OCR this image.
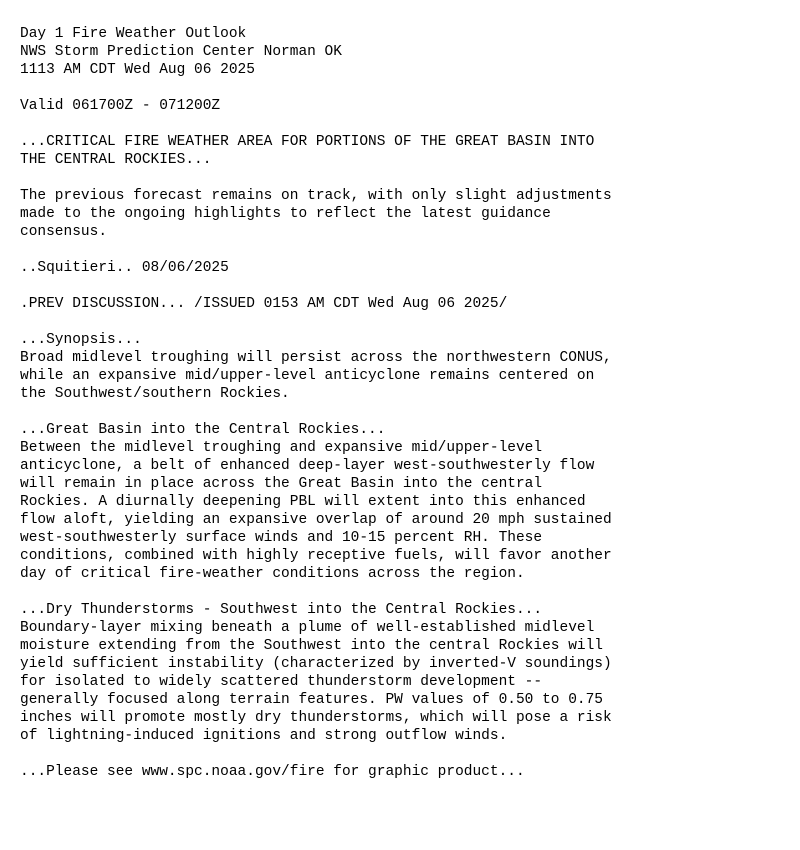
Day 1 Fire Weather Outlook
NWS Storm Prediction Center Norman OK
1113 AM CDT Wed Aug 06 2025
Valid 061700Z - 071200Z
...CRITICAL FIRE WEATHER AREA FOR PORTIONS OF THE GREAT BASIN INTO
THE CENTRAL ROCKIES...
The previous forecast remains on track, with only slight adjustments
made to the ongoing highlights to reflect the latest guidance
consensus.
..Squitieri.. 08/06/2025
.PREV DISCUSSION... /ISSUED 0153 AM CDT Wed Aug 06 2025/
...Synopsis...
Broad midlevel troughing will persist across the northwestern CONUS,
while an expansive mid/upper-level anticyclone remains centered on
the Southwest/southern Rockies.
...Great Basin into the Central Rockies...
Between the midlevel troughing and expansive mid/upper-level
anticyclone, a belt of enhanced deep-layer west-southwesterly flow
will remain in place across the Great Basin into the central
Rockies. A diurnally deepening PBL will extent into this enhanced
flow aloft, yielding an expansive overlap of around 20 mph sustained
west-southwesterly surface winds and 10-15 percent RH. These
conditions, combined with highly receptive fuels, will favor another
day of critical fire-weather conditions across the region.
...Dry Thunderstorms - Southwest into the Central Rockies...
Boundary-layer mixing beneath a plume of well-established midlevel
moisture extending from the Southwest into the central Rockies will
yield sufficient instability (characterized by inverted-V soundings)
for isolated to widely scattered thunderstorm development --
generally focused along terrain features. PW values of 0.50 to 0.75
inches will promote mostly dry thunderstorms, which will pose a risk
of lightning-induced ignitions and strong outflow winds.
...Please see www.spc.noaa.gov/fire for graphic product...
